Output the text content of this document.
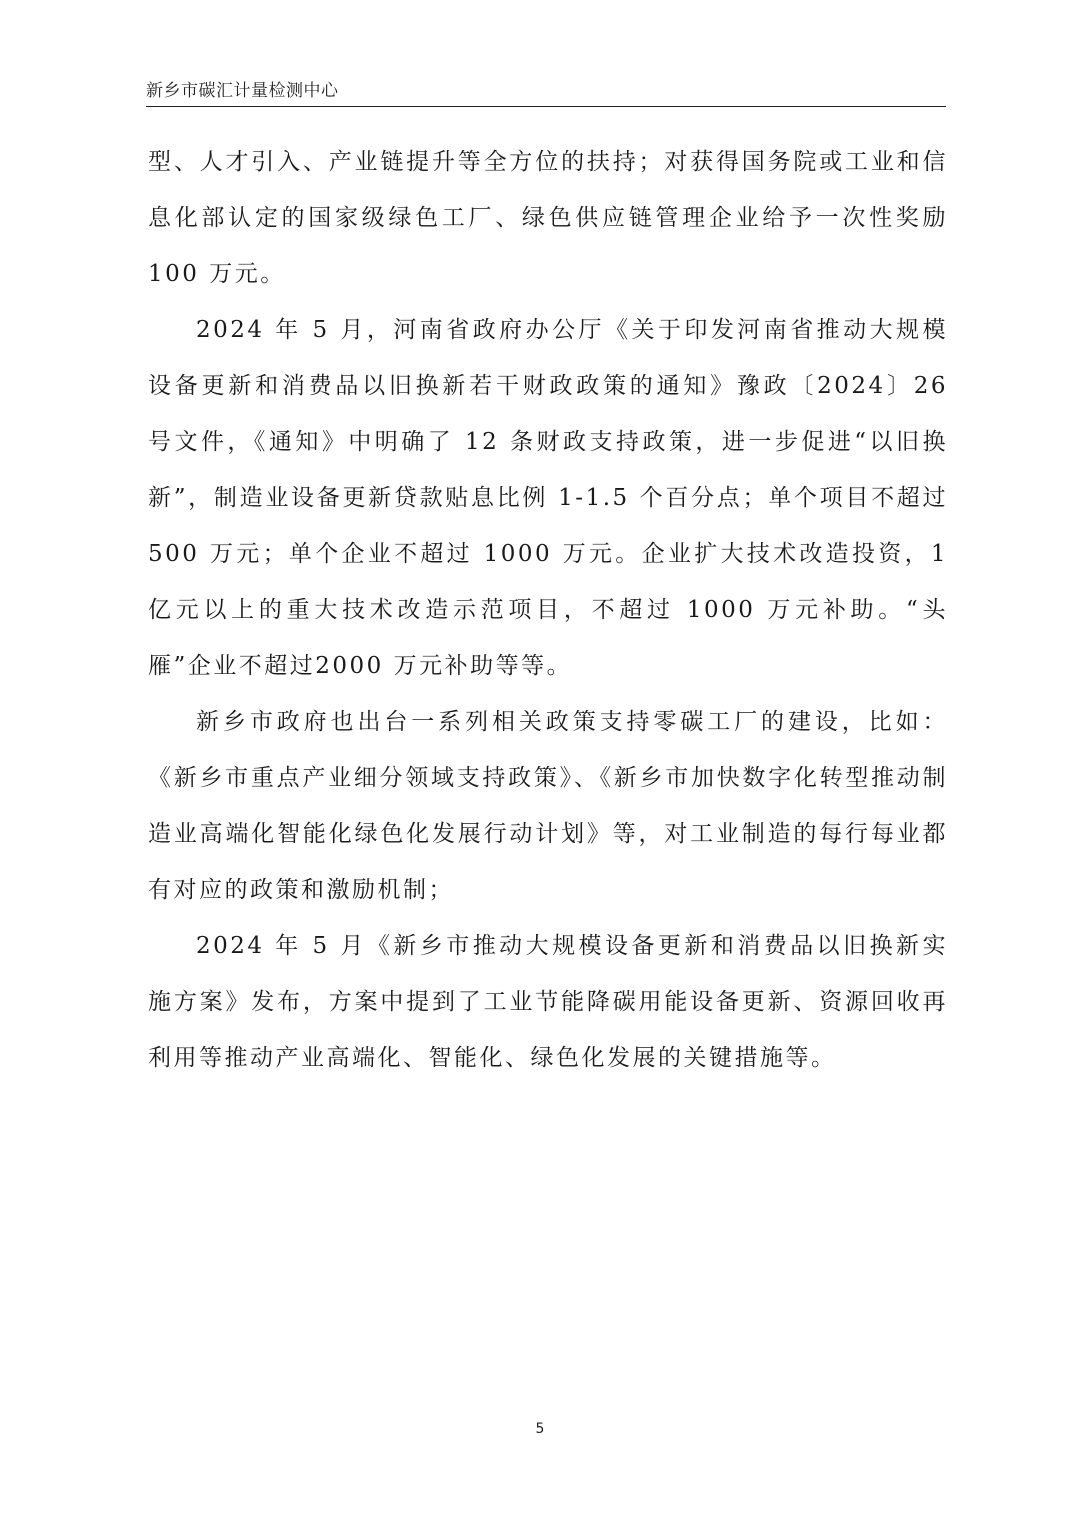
新乡市碳汇计量检测中心

型、人才引入、产业链提升等全方位的扶持；对获得国务院或工业和信息化部认定的国家级绿色工厂、绿色供应链管理企业给予一次性奖励 100 万元。

2024 年 5 月，河南省政府办公厅《关于印发河南省推动大规模设备更新和消费品以旧换新若干财政政策的通知》豫政〔2024〕26 号文件，《通知》中明确了 12 条财政支持政策，进一步促进“以旧换新”，制造业设备更新贷款贴息比例 1-1.5 个百分点；单个项目不超过500 万元；单个企业不超过 1000 万元。企业扩大技术改造投资，1 亿元以上的重大技术改造示范项目，不超过 1000 万元补助。“头雁”企业不超过2000 万元补助等等。

新乡市政府也出台一系列相关政策支持零碳工厂的建设，比如：《新乡市重点产业细分领域支持政策》、《新乡市加快数字化转型推动制造业高端化智能化绿色化发展行动计划》等，对工业制造的每行每业都有对应的政策和激励机制；

2024 年 5 月《新乡市推动大规模设备更新和消费品以旧换新实施方案》发布，方案中提到了工业节能降碳用能设备更新、资源回收再利用等推动产业高端化、智能化、绿色化发展的关键措施等。

5
